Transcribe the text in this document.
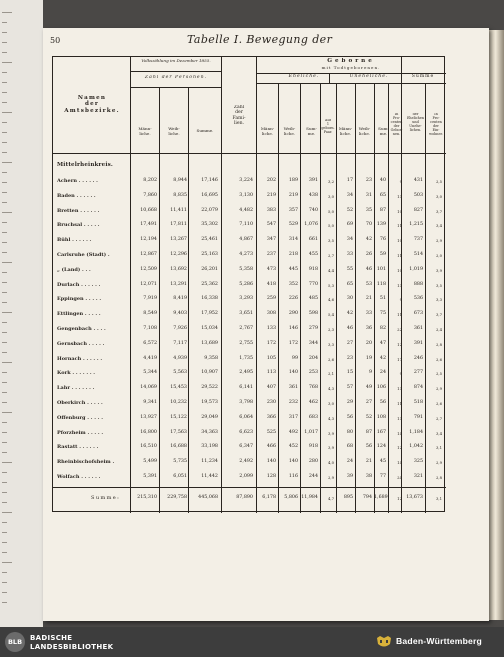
50	Tabelle I. Bewegung der
Namen
der
Amtsbezirke.
Volkszählung im Dezember 1855.
Zahl der Personen.
Männ-
liche.
Weib-
liche.
Summe.
Zahl
der
Fami-
lien.
Geborne
mit Todtgeborenen.
Eheliche.	Uneheliche.	Summe
Männ-
liche.
Weib-
liche.
Sum-
me.
Auf
1
geborn.
Paar.
Männ-
liche.
Weib-
liche.
Sum-
me.
In
Pro-
centen
der
Gebor-
nen.
der
Ehelichen
und
Unehe-
lichen.
In
Pro-
centen
der
Ein-
wohner.
Mittelrheinkreis.
Achern . . . . . .	8,202	8,944	17,146	3,224	202	189	391	3,2	17	23	40	9	431	2,5
Baden . . . . . .	7,860	8,835	16,695	3,130	219	219	438	3,0	34	31	65	13	503	3,0
Bretten . . . . . .	10,668	11,411	22,079	4,482	383	357	740	5,0	52	35	87	10	827	3,7
Bruchsal . . . . .	17,491	17,811	35,302	7,110	547	529	1,076	5,0	69	70	139	11	1,215	3,4
Bühl . . . . . .	12,194	13,267	25,461	4,867	347	314	661	3,5	34	42	76	10	737	2,9
Carlsruhe (Stadt) .	12,867	12,296	25,163	4,273	237	218	455	2,7	33	26	59	11	514	2,0
„ (Land) . . .	12,509	13,692	26,201	5,358	473	445	918	4,4	55	46	101	10	1,019	3,9
Durlach . . . . . .	12,071	13,291	25,362	5,286	418	352	770	5,3	65	53	118	13	888	3,5
Eppingen . . . . .	7,919	8,419	16,338	3,293	259	226	485	4,6	30	21	51	9	536	3,3
Ettlingen . . . . .	8,549	9,403	17,952	3,651	308	290	598	5,4	42	33	75	11	673	3,7
Gengenbach . . . .	7,108	7,926	15,034	2,767	133	146	279	2,3	46	36	82	22	361	2,4
Gernsbach . . . . .	6,572	7,117	13,689	2,755	172	172	344	3,3	27	20	47	12	391	2,8
Hornach . . . . . .	4,419	4,939	9,358	1,735	105	99	204	2,6	23	19	42	17	246	2,6
Kork . . . . . . .	5,344	5,563	10,907	2,495	113	140	253	2,1	15	9	24	9	277	2,5
Lahr . . . . . . .	14,069	15,453	29,522	6,141	407	361	768	4,3	57	49	106	13	874	2,9
Oberkirch . . . . .	9,341	10,232	19,573	3,798	230	232	462	3,0	29	27	56	11	518	2,6
Offenburg . . . . .	13,927	15,122	29,049	6,064	366	317	683	4,3	56	52	108	13	791	2,7
Pforzheim . . . . .	16,800	17,563	34,363	6,623	525	492	1,017	3,9	80	87	167	14	1,184	3,4
Rastatt . . . . . .	16,510	16,688	33,198	6,347	466	452	918	3,9	68	56	124	12	1,042	3,1
Rheinbischofsheim .	5,499	5,735	11,234	2,492	140	140	280	4,0	24	21	45	14	325	2,9
Wolfach . . . . . .	5,391	6,051	11,442	2,099	128	116	244	2,9	39	38	77	24	321	2,8
Summe:	215,310	229,758	445,068	87,890	6,178	5,806 11,984	4,7	895	794 1,689	12 13,673	3,1
BLB	BADISCHE
LANDESBIBLIOTHEK
Baden-Württemberg
